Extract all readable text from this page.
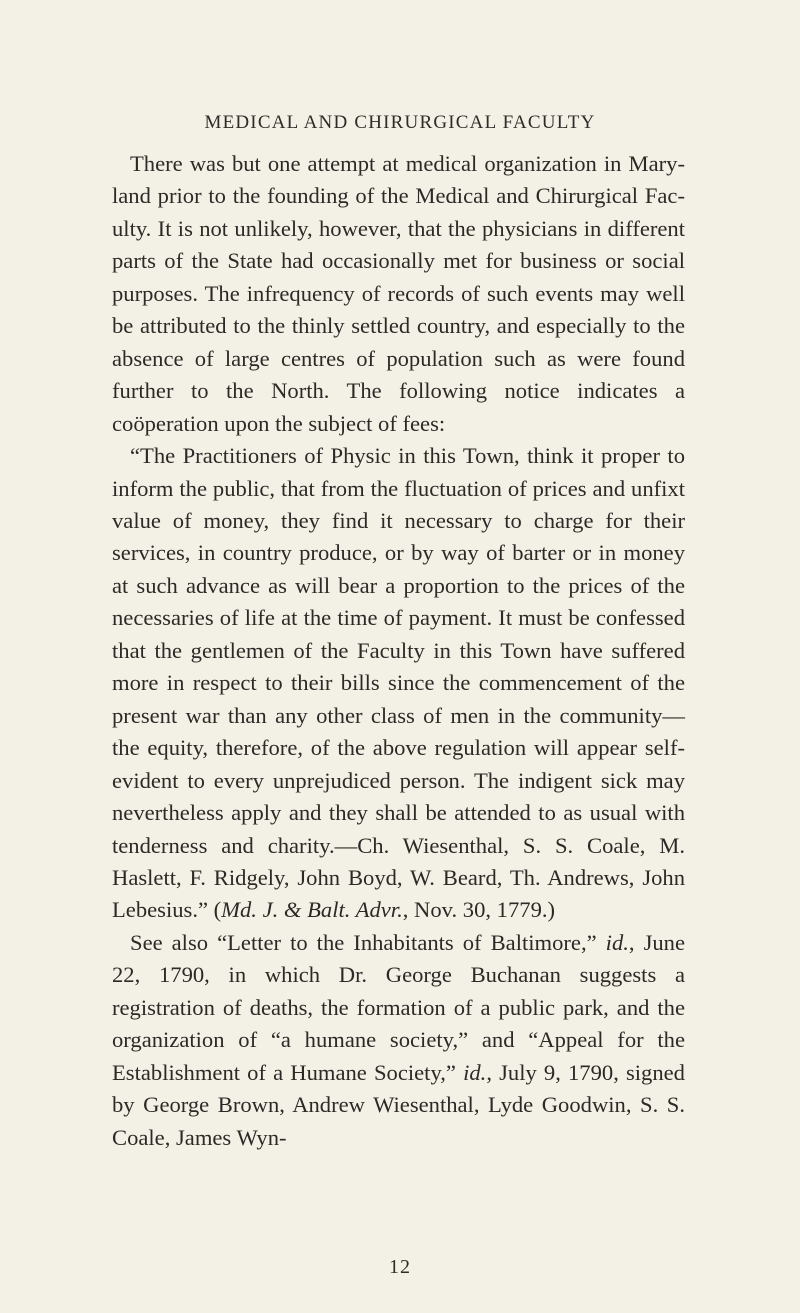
MEDICAL AND CHIRURGICAL FACULTY

There was but one attempt at medical organization in Maryland prior to the founding of the Medical and Chirurgical Faculty. It is not unlikely, however, that the physicians in different parts of the State had occasionally met for business or social purposes. The infrequency of records of such events may well be attributed to the thinly settled country, and especially to the absence of large centres of population such as were found further to the North. The following notice indicates a coöperation upon the subject of fees:

“The Practitioners of Physic in this Town, think it proper to inform the public, that from the fluctuation of prices and unfixt value of money, they find it necessary to charge for their services, in country produce, or by way of barter or in money at such advance as will bear a proportion to the prices of the necessaries of life at the time of payment. It must be confessed that the gentlemen of the Faculty in this Town have suffered more in respect to their bills since the commencement of the present war than any other class of men in the community—the equity, therefore, of the above regulation will appear self-evident to every unprejudiced person. The indigent sick may nevertheless apply and they shall be attended to as usual with tenderness and charity.—Ch. Wiesenthal, S. S. Coale, M. Haslett, F. Ridgely, John Boyd, W. Beard, Th. Andrews, John Lebesius.” (Md. J. & Balt. Advr., Nov. 30, 1779.)

See also “Letter to the Inhabitants of Baltimore,” id., June 22, 1790, in which Dr. George Buchanan suggests a registration of deaths, the formation of a public park, and the organization of “a humane society,” and “Appeal for the Establishment of a Humane Society,” id., July 9, 1790, signed by George Brown, Andrew Wiesenthal, Lyde Goodwin, S. S. Coale, James Wyn-

12
